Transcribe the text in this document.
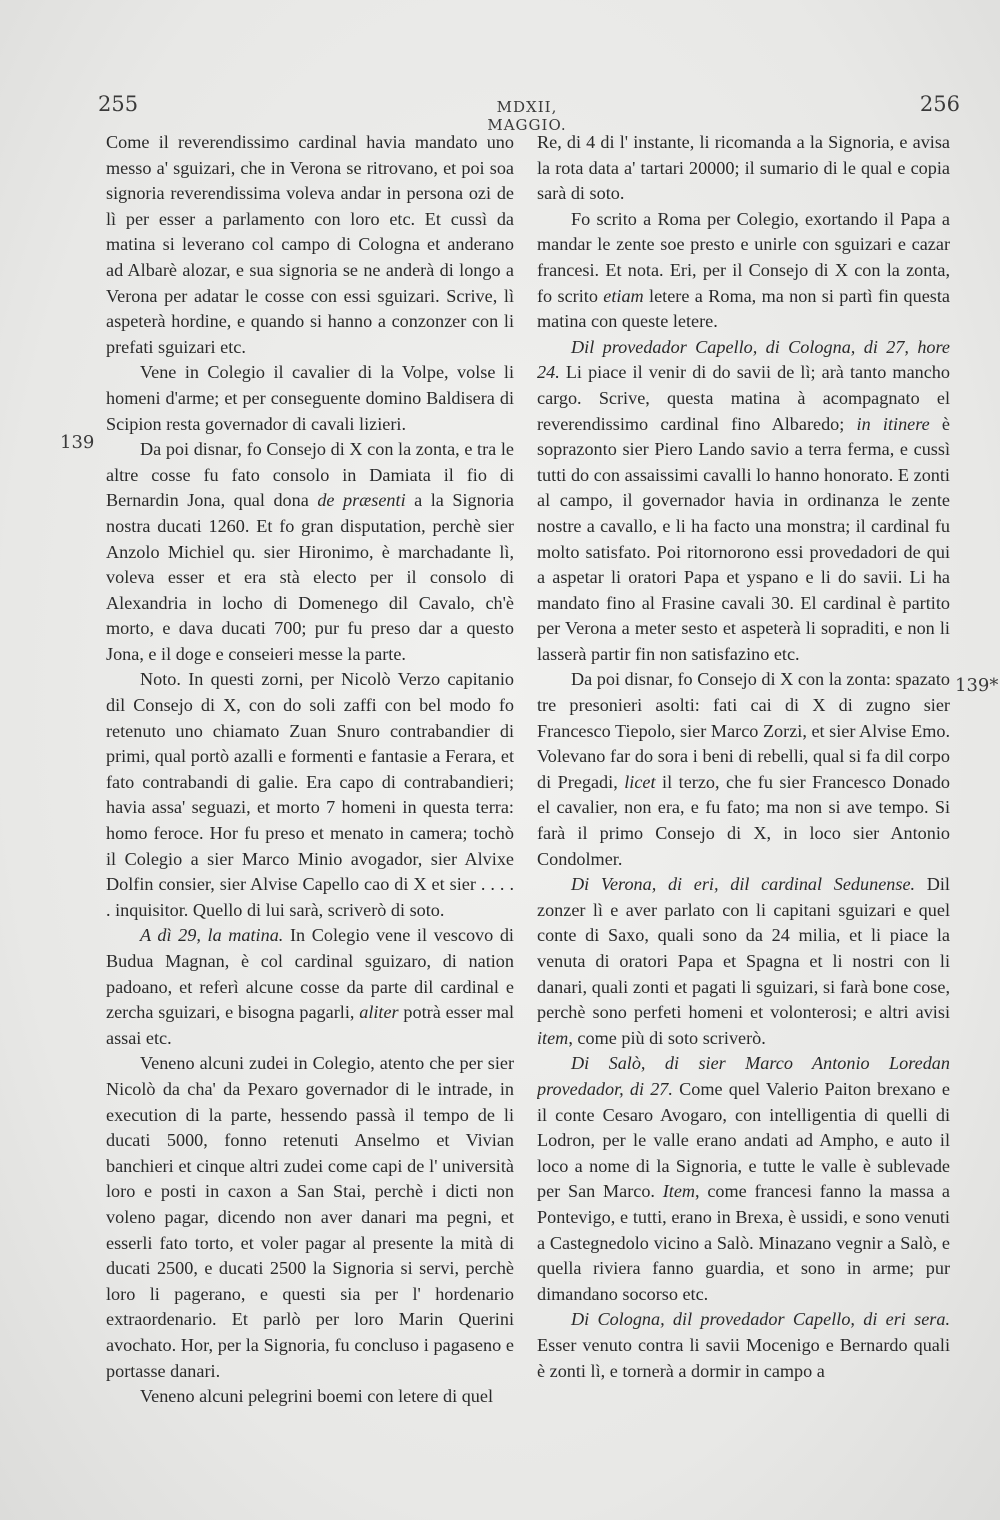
255	MDXII, MAGGIO.
256
139
139*

Come il reverendissimo cardinal havia mandato uno messo a' sguizari, che in Verona se ritrovano, et poi soa signoria reverendissima voleva andar in persona ozi de lì per esser a parlamento con loro etc. Et cussì da matina si leverano col campo di Cologna et anderano ad Albarè alozar, e sua signoria se ne anderà di longo a Verona per adatar le cosse con essi sguizari. Scrive, lì aspeterà hordine, e quando si hanno a conzonzer con li prefati sguizari etc.

Vene in Colegio il cavalier di la Volpe, volse li homeni d'arme; et per conseguente domino Baldisera di Scipion resta governador di cavali lizieri.

Da poi disnar, fo Consejo di X con la zonta, e tra le altre cosse fu fato consolo in Damiata il fio di Bernardin Jona, qual dona de præsenti a la Signoria nostra ducati 1260. Et fo gran disputation, perchè sier Anzolo Michiel qu. sier Hironimo, è marchadante lì, voleva esser et era stà electo per il consolo di Alexandria in locho di Domenego dil Cavalo, ch'è morto, e dava ducati 700; pur fu preso dar a questo Jona, e il doge e conseieri messe la parte.

Noto. In questi zorni, per Nicolò Verzo capitanio dil Consejo di X, con do soli zaffi con bel modo fo retenuto uno chiamato Zuan Snuro contrabandier di primi, qual portò azalli e formenti e fantasie a Ferara, et fato contrabandi di galie. Era capo di contrabandieri; havia assa' seguazi, et morto 7 homeni in questa terra: homo feroce. Hor fu preso et menato in camera; tochò il Colegio a sier Marco Minio avogador, sier Alvixe Dolfin consier, sier Alvise Capello cao di X et sier . . . . . inquisitor. Quello di lui sarà, scriverò di soto.

A dì 29, la matina. In Colegio vene il vescovo di Budua Magnan, è col cardinal sguizaro, di nation padoano, et referì alcune cosse da parte dil cardinal e zercha sguizari, e bisogna pagarli, aliter potrà esser mal assai etc.

Veneno alcuni zudei in Colegio, atento che per sier Nicolò da cha' da Pexaro governador di le intrade, in execution di la parte, hessendo passà il tempo de li ducati 5000, fonno retenuti Anselmo et Vivian banchieri et cinque altri zudei come capi de l' università loro e posti in caxon a San Stai, perchè i dicti non voleno pagar, dicendo non aver danari ma pegni, et esserli fato torto, et voler pagar al presente la mità di ducati 2500, e ducati 2500 la Signoria si servi, perchè loro li pagerano, e questi sia per l' hordenario extraordenario. Et parlò per loro Marin Querini avochato. Hor, per la Signoria, fu concluso i pagaseno e portasse danari.

Veneno alcuni pelegrini boemi con letere di quel

Re, di 4 di l' instante, li ricomanda a la Signoria, e avisa la rota data a' tartari 20000; il sumario di le qual e copia sarà di soto.

Fo scrito a Roma per Colegio, exortando il Papa a mandar le zente soe presto e unirle con sguizari e cazar francesi. Et nota. Eri, per il Consejo di X con la zonta, fo scrito etiam letere a Roma, ma non si partì fin questa matina con queste letere.

Dil provedador Capello, di Cologna, di 27, hore 24. Li piace il venir di do savii de lì; arà tanto mancho cargo. Scrive, questa matina à acompagnato el reverendissimo cardinal fino Albaredo; in itinere è soprazonto sier Piero Lando savio a terra ferma, e cussì tutti do con assaissimi cavalli lo hanno honorato. E zonti al campo, il governador havia in ordinanza le zente nostre a cavallo, e li ha facto una monstra; il cardinal fu molto satisfato. Poi ritornorono essi provedadori de qui a aspetar li oratori Papa et yspano e li do savii. Li ha mandato fino al Frasine cavali 30. El cardinal è partito per Verona a meter sesto et aspeterà li sopraditi, e non li lasserà partir fin non satisfazino etc.

Da poi disnar, fo Consejo di X con la zonta: spazato tre presonieri asolti: fati cai di X di zugno sier Francesco Tiepolo, sier Marco Zorzi, et sier Alvise Emo. Volevano far do sora i beni di rebelli, qual si fa dil corpo di Pregadi, licet il terzo, che fu sier Francesco Donado el cavalier, non era, e fu fato; ma non si ave tempo. Si farà il primo Consejo di X, in loco sier Antonio Condolmer.

Di Verona, di eri, dil cardinal Sedunense. Dil zonzer lì e aver parlato con li capitani sguizari e quel conte di Saxo, quali sono da 24 milia, et li piace la venuta di oratori Papa et Spagna et li nostri con li danari, quali zonti et pagati li sguizari, si farà bone cose, perchè sono perfeti homeni et volonterosi; e altri avisi item, come più di soto scriverò.

Di Salò, di sier Marco Antonio Loredan provedador, di 27. Come quel Valerio Paiton brexano e il conte Cesaro Avogaro, con intelligentia di quelli di Lodron, per le valle erano andati ad Ampho, e auto il loco a nome di la Signoria, e tutte le valle è sublevade per San Marco. Item, come francesi fanno la massa a Pontevigo, e tutti, erano in Brexa, è ussidi, e sono venuti a Castegnedolo vicino a Salò. Minazano vegnir a Salò, e quella riviera fanno guardia, et sono in arme; pur dimandano socorso etc.

Di Cologna, dil provedador Capello, di eri sera. Esser venuto contra li savii Mocenigo e Bernardo quali è zonti lì, e tornerà a dormir in campo a
